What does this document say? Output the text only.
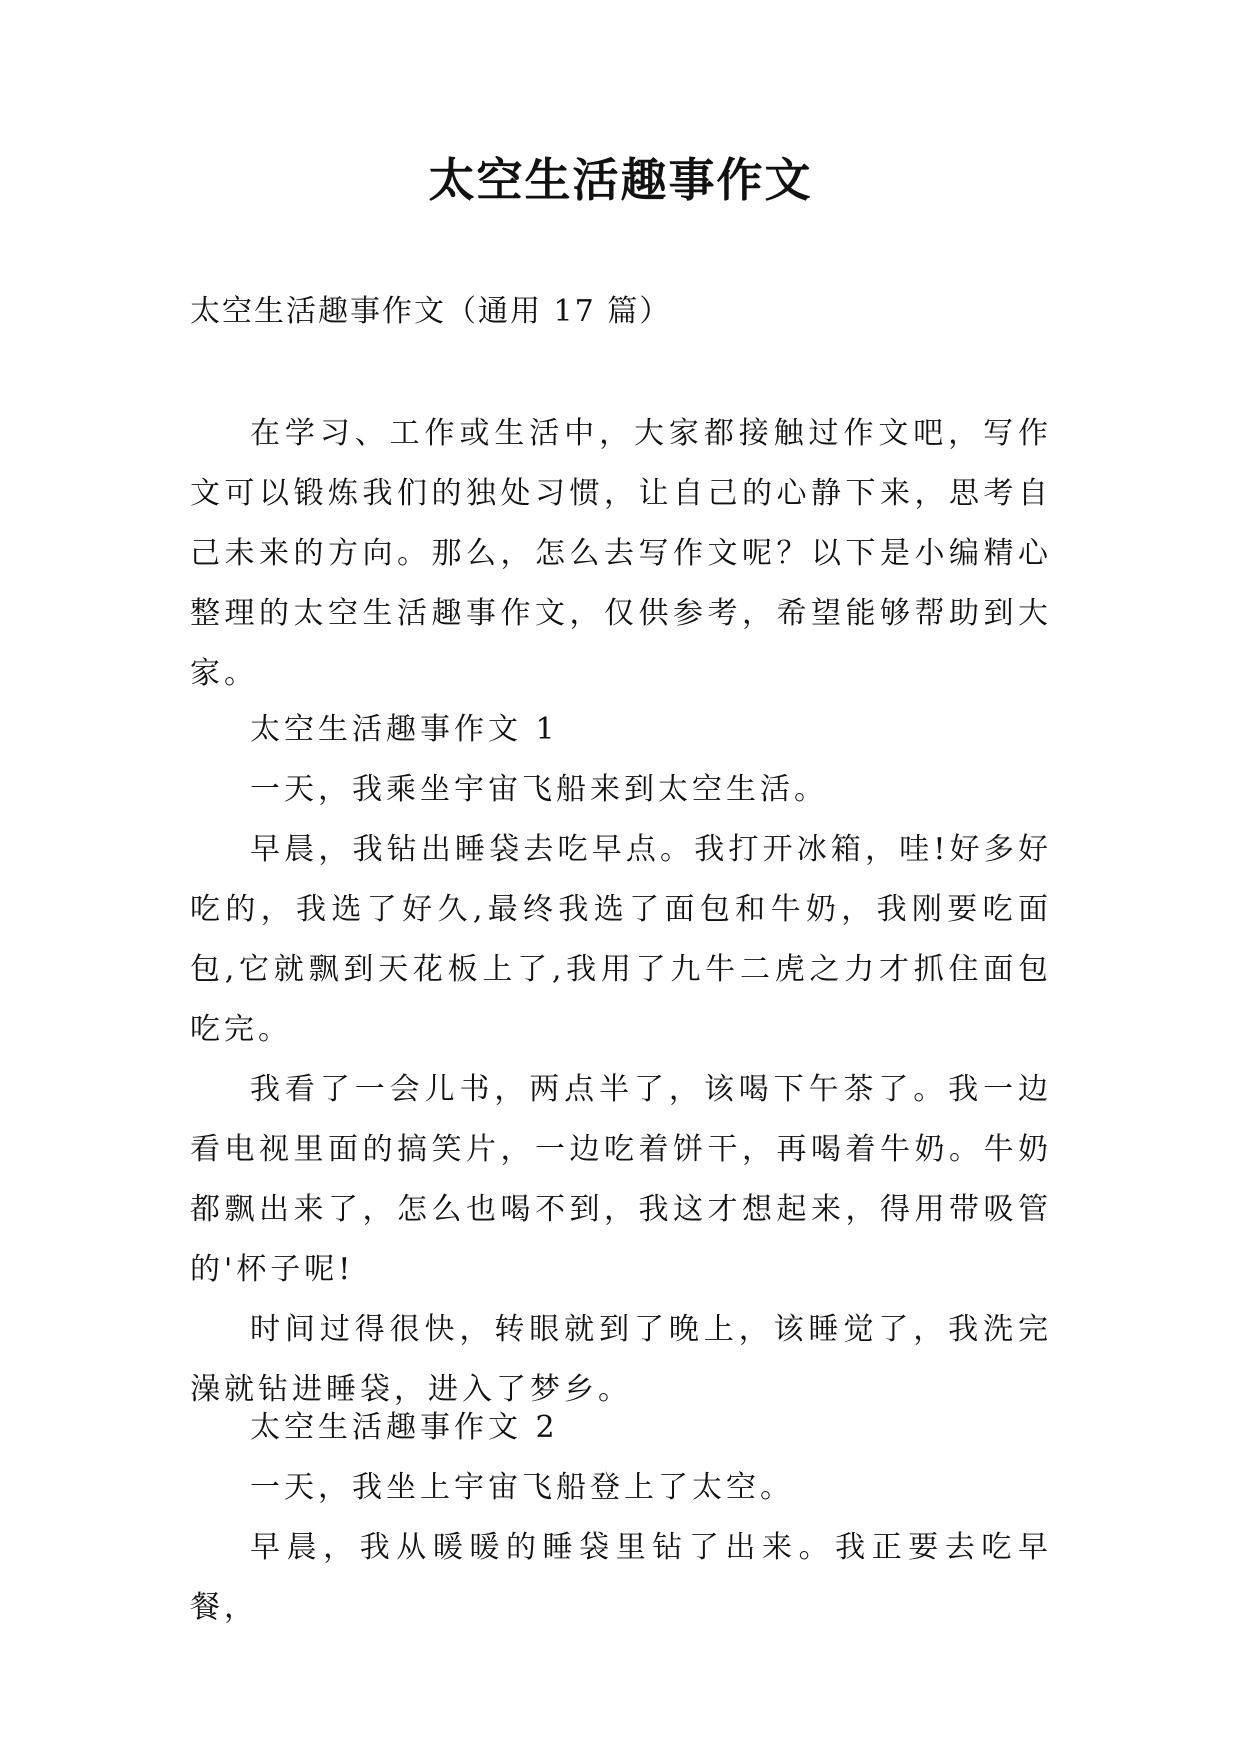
太空生活趣事作文
太空生活趣事作文（通用 17 篇）

在学习、工作或生活中，大家都接触过作文吧，写作文可以锻炼我们的独处习惯，让自己的心静下来，思考自己未来的方向。那么，怎么去写作文呢？以下是小编精心整理的太空生活趣事作文，仅供参考，希望能够帮助到大家。

太空生活趣事作文 1

一天，我乘坐宇宙飞船来到太空生活。

早晨，我钻出睡袋去吃早点。我打开冰箱，哇!好多好吃的，我选了好久,最终我选了面包和牛奶，我刚要吃面包,它就飘到天花板上了,我用了九牛二虎之力才抓住面包吃完。

我看了一会儿书，两点半了，该喝下午茶了。我一边看电视里面的搞笑片，一边吃着饼干，再喝着牛奶。牛奶都飘出来了，怎么也喝不到，我这才想起来，得用带吸管的'杯子呢!

时间过得很快，转眼就到了晚上，该睡觉了，我洗完澡就钻进睡袋，进入了梦乡。

太空生活趣事作文 2

一天，我坐上宇宙飞船登上了太空。

早晨，我从暖暖的睡袋里钻了出来。我正要去吃早餐，
